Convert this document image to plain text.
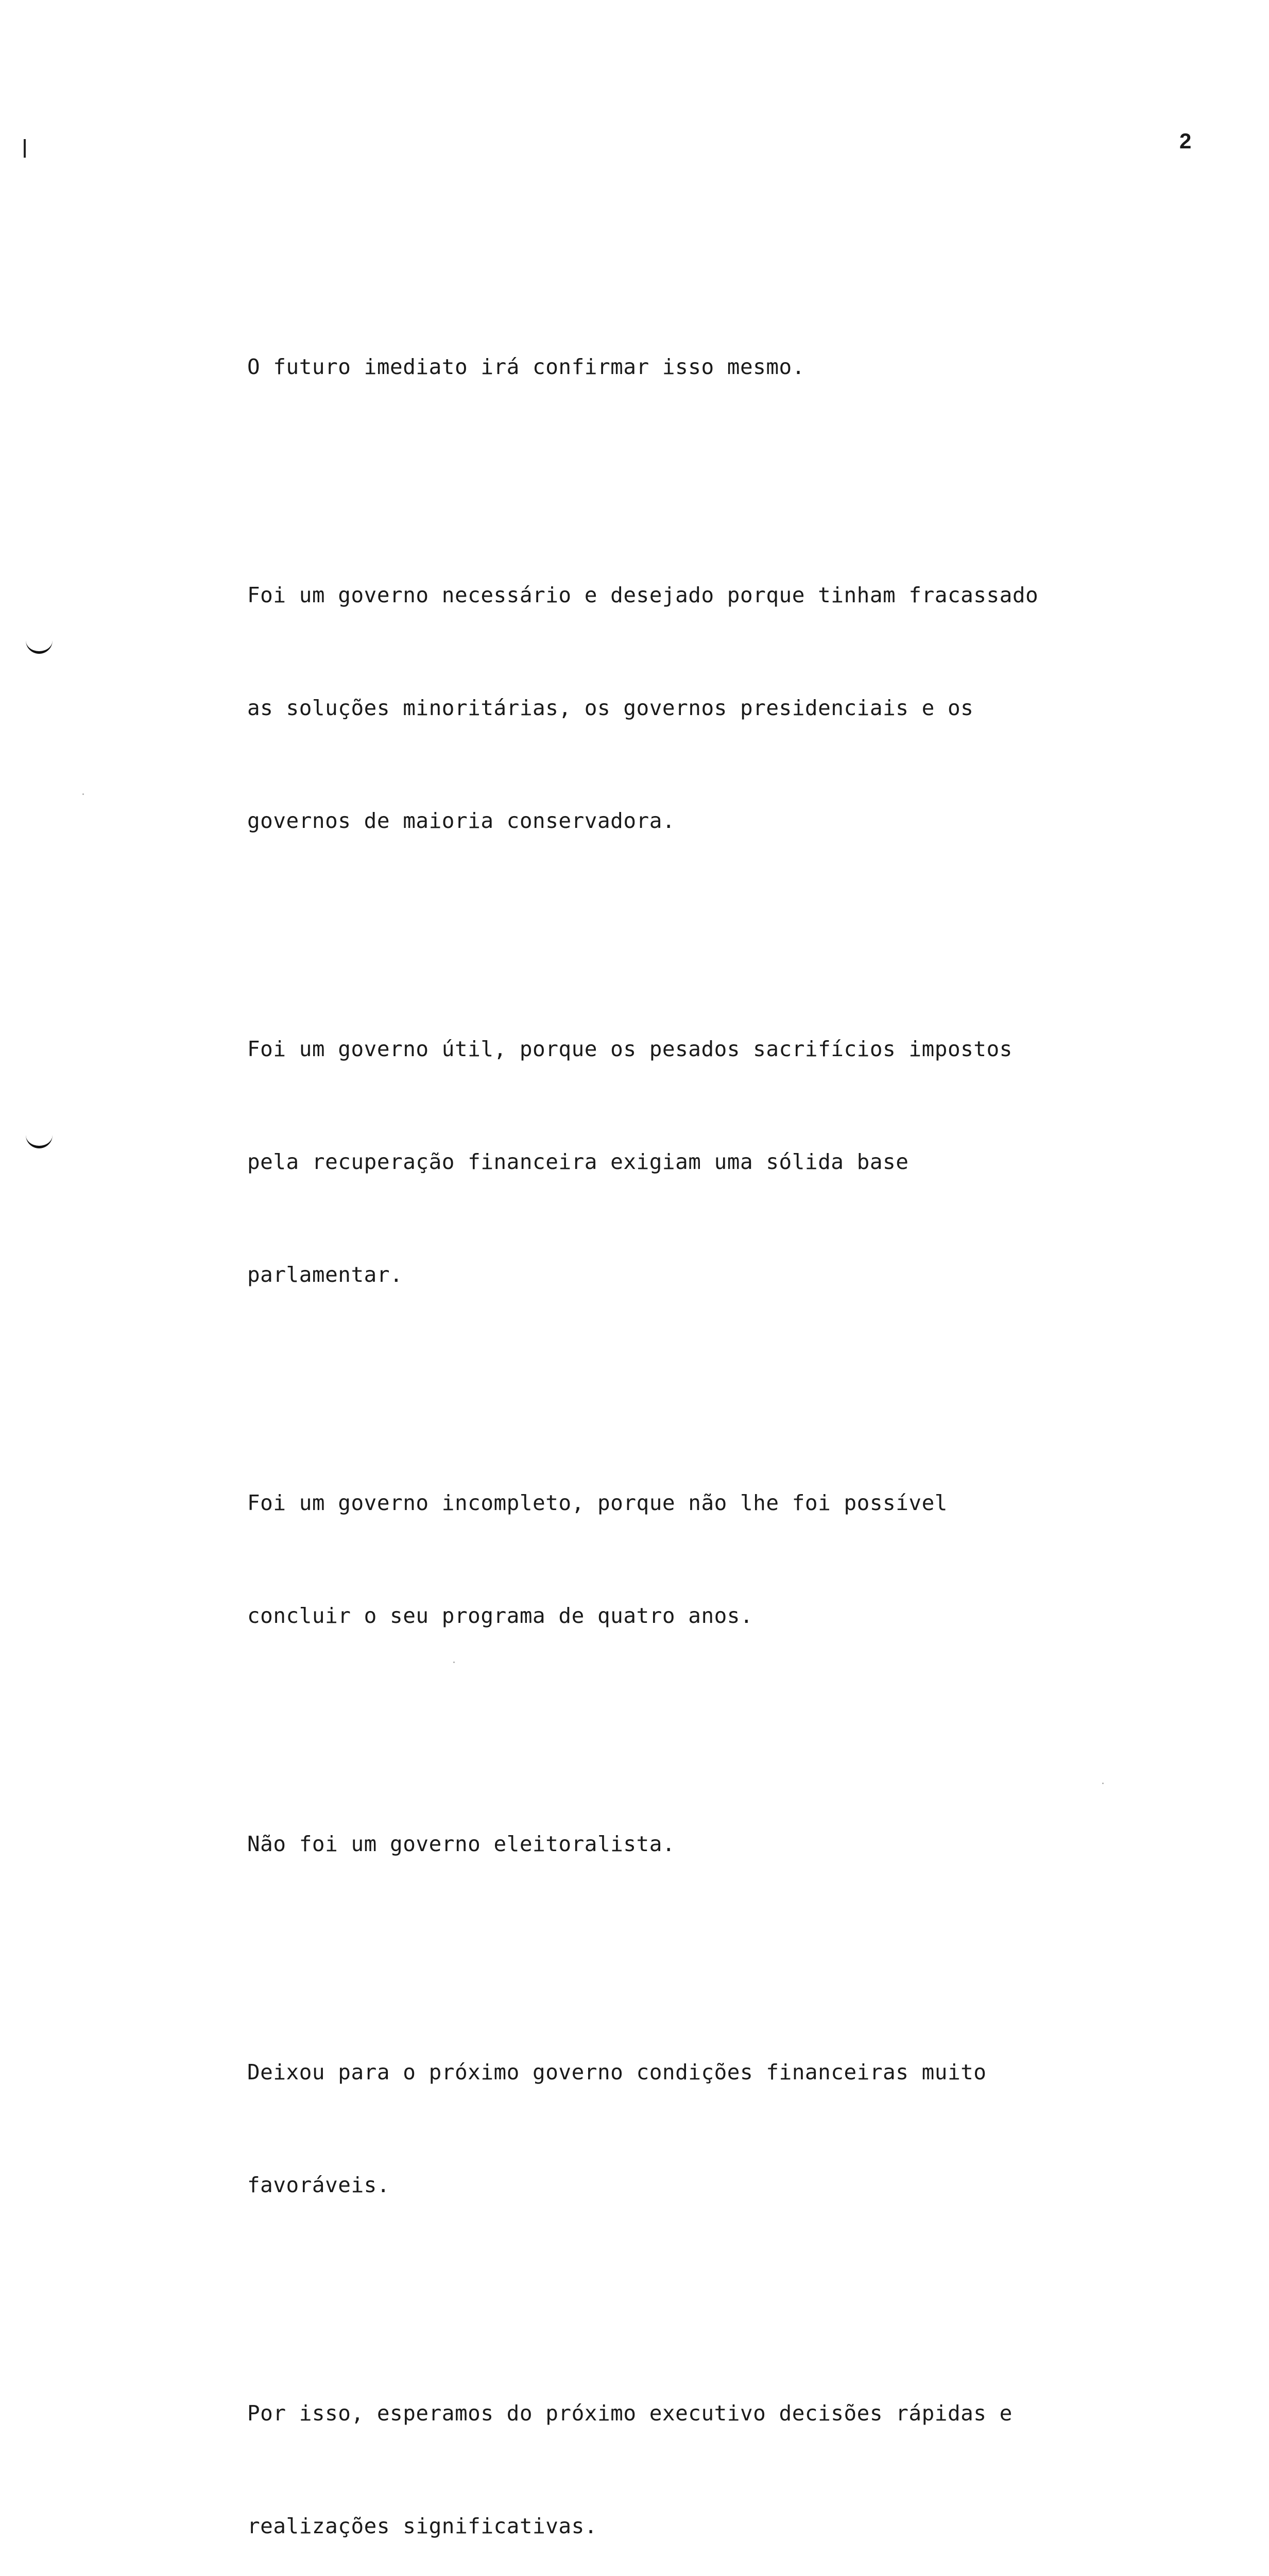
2

O futuro imediato irá confirmar isso mesmo.

Foi um governo necessário e desejado porque tinham fracassado

as soluções minoritárias, os governos presidenciais e os

governos de maioria conservadora.

Foi um governo útil, porque os pesados sacrifícios impostos

pela recuperação financeira exigiam uma sólida base

parlamentar.

Foi um governo incompleto, porque não lhe foi possível

concluir o seu programa de quatro anos.

Não foi um governo eleitoralista.

Deixou para o próximo governo condições financeiras muito

favoráveis.

Por isso, esperamos do próximo executivo decisões rápidas e

realizações significativas.
